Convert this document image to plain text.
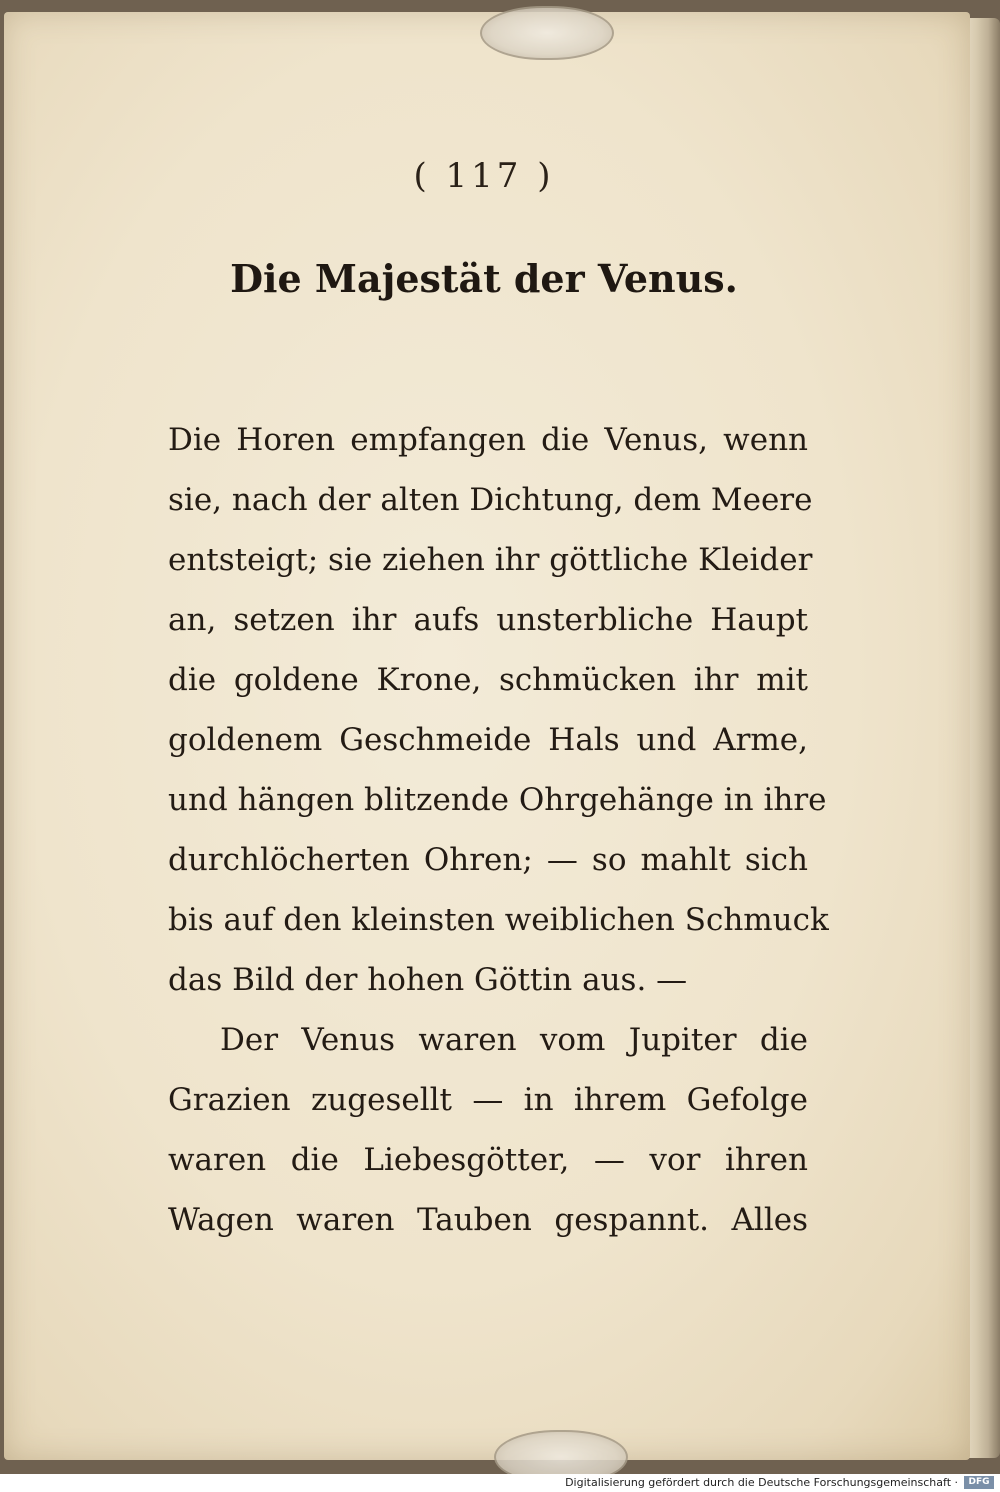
( 117 )
Die Majestät der Venus.
Die Horen empfangen die Venus, wenn
sie, nach der alten Dichtung, dem Meere
entsteigt; sie ziehen ihr göttliche Kleider
an, setzen ihr aufs unsterbliche Haupt
die goldene Krone, schmücken ihr mit
goldenem Geschmeide Hals und Arme,
und hängen blitzende Ohrgehänge in ihre
durchlöcherten Ohren; — so mahlt sich
bis auf den kleinsten weiblichen Schmuck
das Bild der hohen Göttin aus. —
Der Venus waren vom Jupiter die
Grazien zugesellt — in ihrem Gefolge
waren die Liebesgötter, — vor ihren
Wagen waren Tauben gespannt. Alles
Digitalisierung gefördert durch die Deutsche Forschungsgemeinschaft ·	DFG
